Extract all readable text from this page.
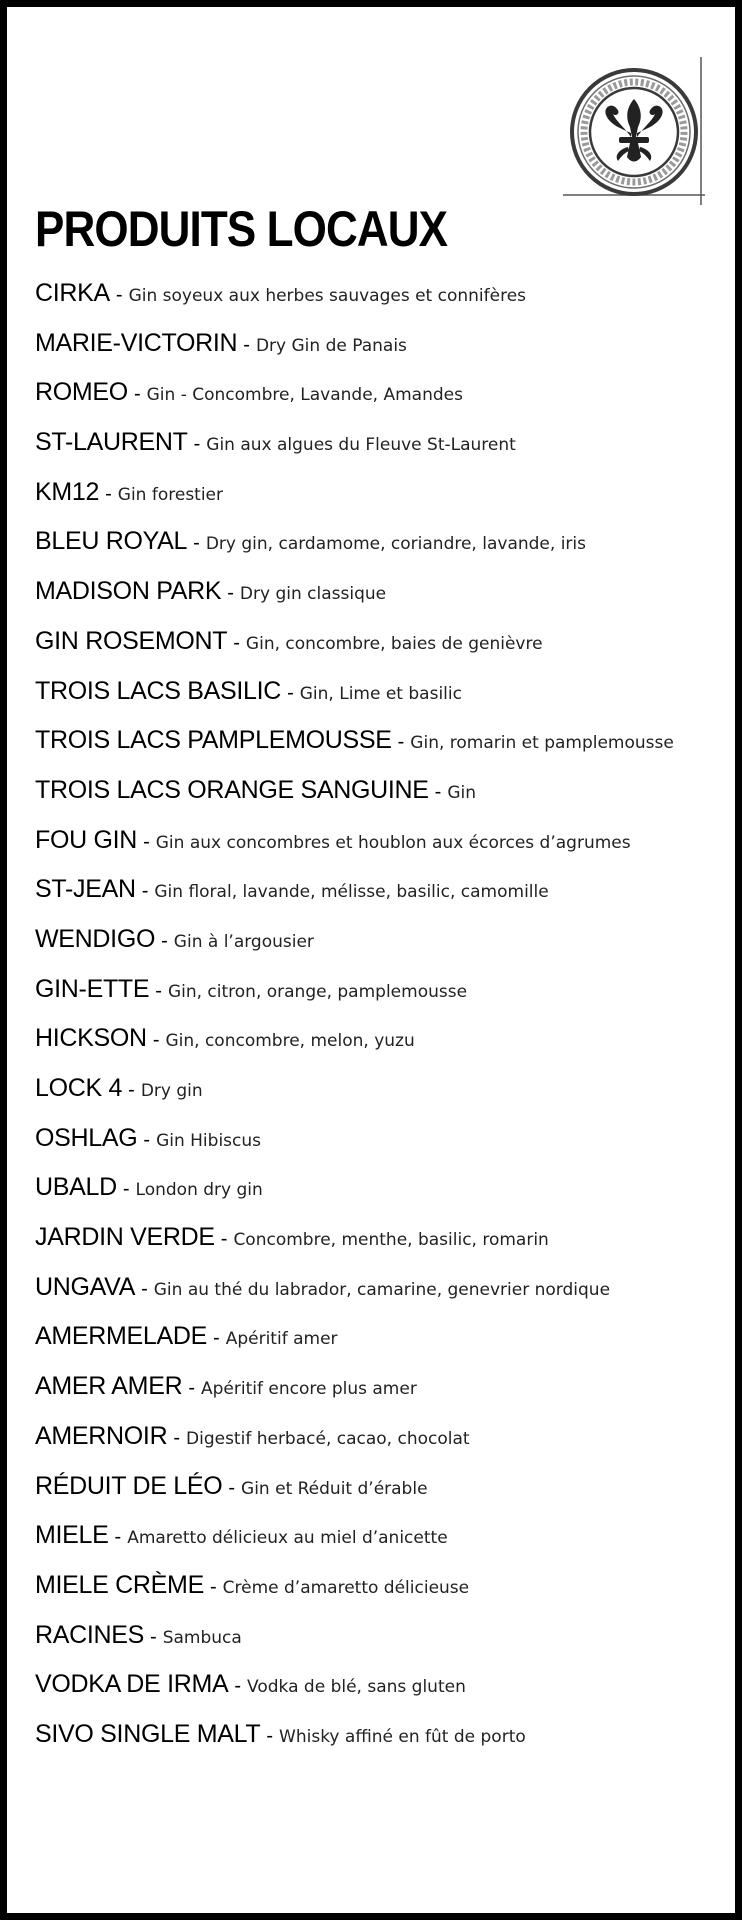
PRODUITS LOCAUX
CIRKA - Gin soyeux aux herbes sauvages et connifères
MARIE-VICTORIN - Dry Gin de Panais
ROMEO - Gin - Concombre, Lavande, Amandes
ST-LAURENT - Gin aux algues du Fleuve St-Laurent
KM12 - Gin forestier
BLEU ROYAL - Dry gin, cardamome, coriandre, lavande, iris
MADISON PARK - Dry gin classique
GIN ROSEMONT - Gin, concombre, baies de genièvre
TROIS LACS BASILIC - Gin, Lime et basilic
TROIS LACS PAMPLEMOUSSE - Gin, romarin et pamplemousse
TROIS LACS ORANGE SANGUINE - Gin
FOU GIN - Gin aux concombres et houblon aux écorces d’agrumes
ST-JEAN - Gin floral, lavande, mélisse, basilic, camomille
WENDIGO - Gin à l’argousier
GIN-ETTE - Gin, citron, orange, pamplemousse
HICKSON - Gin, concombre, melon, yuzu
LOCK 4 - Dry gin
OSHLAG - Gin Hibiscus
UBALD - London dry gin
JARDIN VERDE - Concombre, menthe, basilic, romarin
UNGAVA - Gin au thé du labrador, camarine, genevrier nordique
AMERMELADE - Apéritif amer
AMER AMER - Apéritif encore plus amer
AMERNOIR - Digestif herbacé, cacao, chocolat
RÉDUIT DE LÉO - Gin et Réduit d’érable
MIELE - Amaretto délicieux au miel d’anicette
MIELE CRÈME - Crème d’amaretto délicieuse
RACINES - Sambuca
VODKA DE IRMA - Vodka de blé, sans gluten
SIVO SINGLE MALT - Whisky affiné en fût de porto
